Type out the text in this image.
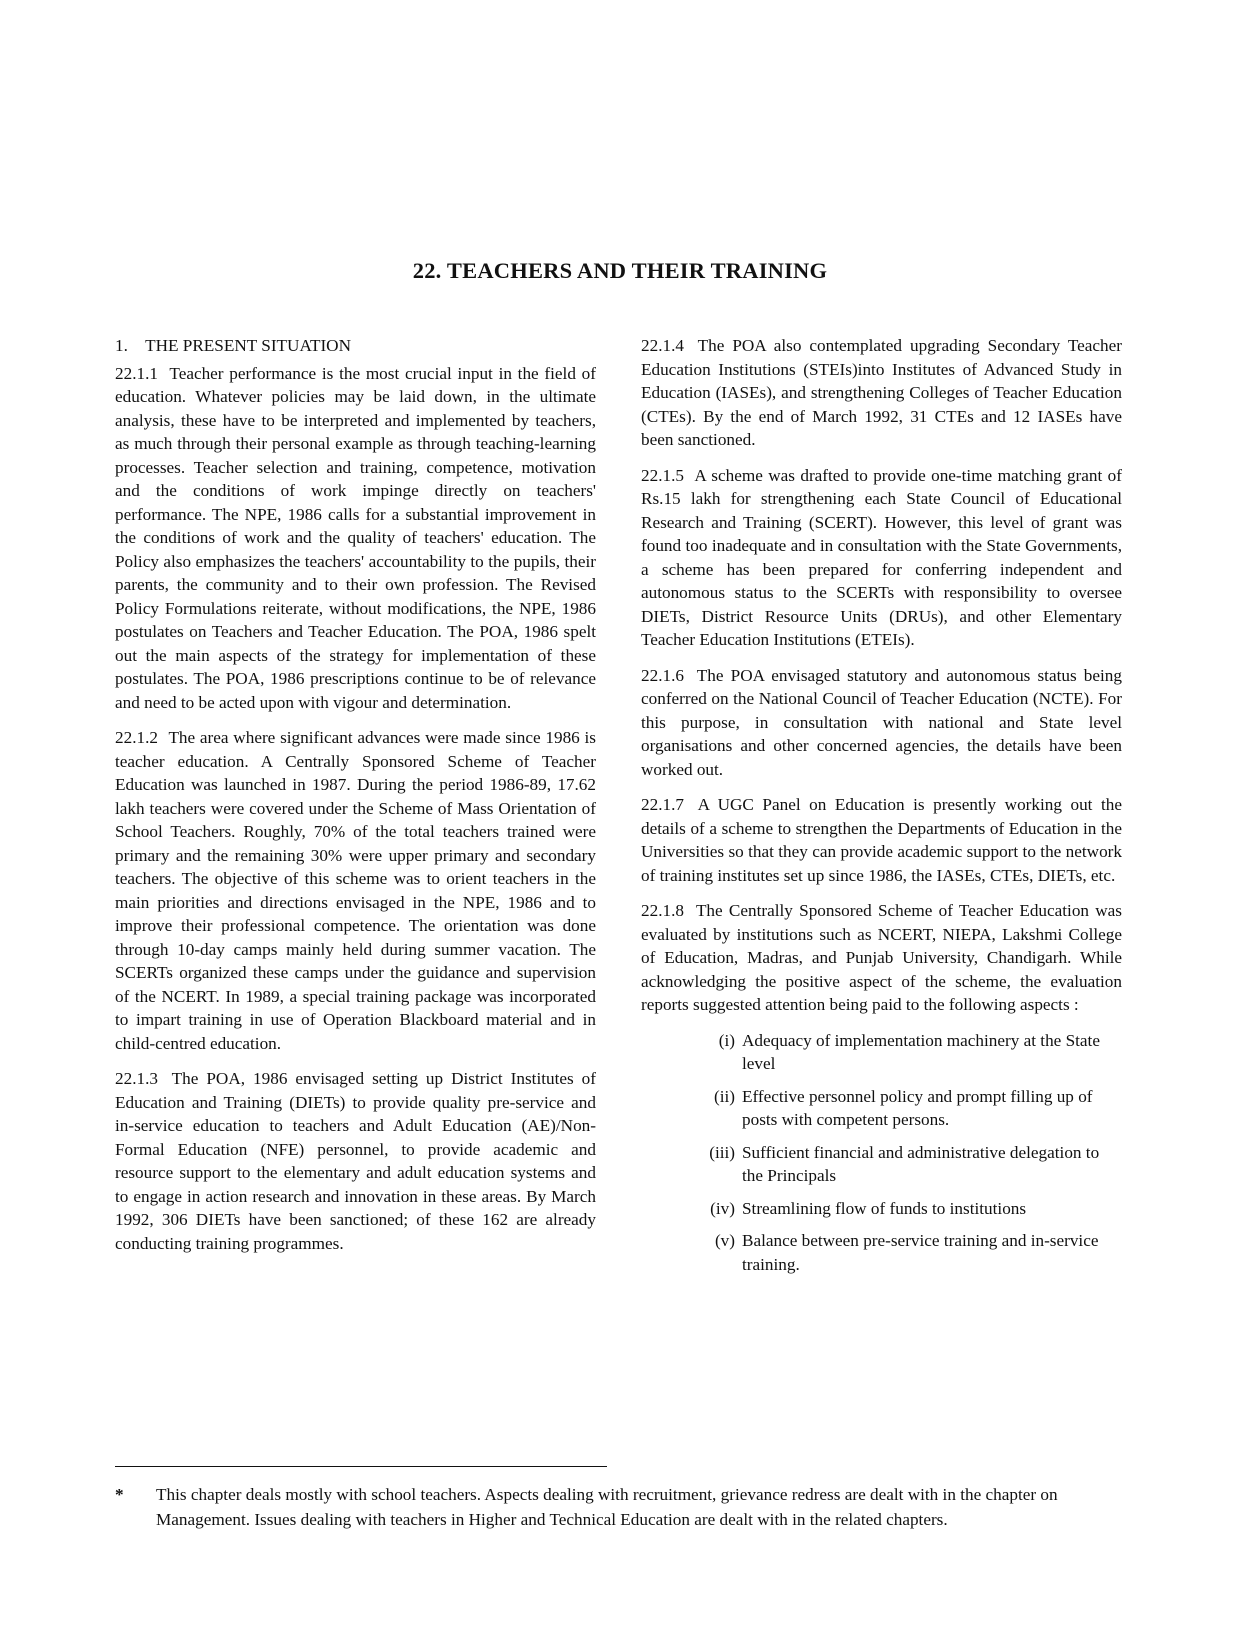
22. TEACHERS AND THEIR TRAINING
1. THE PRESENT SITUATION

22.1.1 Teacher performance is the most crucial input in the field of education. Whatever policies may be laid down, in the ultimate analysis, these have to be interpreted and implemented by teachers, as much through their personal example as through teaching-learning processes. Teacher selection and training, competence, motivation and the conditions of work impinge directly on teachers' performance. The NPE, 1986 calls for a substantial improvement in the conditions of work and the quality of teachers' education. The Policy also emphasizes the teachers' accountability to the pupils, their parents, the community and to their own profession. The Revised Policy Formulations reiterate, without modifications, the NPE, 1986 postulates on Teachers and Teacher Education. The POA, 1986 spelt out the main aspects of the strategy for implementation of these postulates. The POA, 1986 prescriptions continue to be of relevance and need to be acted upon with vigour and determination.

22.1.2 The area where significant advances were made since 1986 is teacher education. A Centrally Sponsored Scheme of Teacher Education was launched in 1987. During the period 1986-89, 17.62 lakh teachers were covered under the Scheme of Mass Orientation of School Teachers. Roughly, 70% of the total teachers trained were primary and the remaining 30% were upper primary and secondary teachers. The objective of this scheme was to orient teachers in the main priorities and directions envisaged in the NPE, 1986 and to improve their professional competence. The orientation was done through 10-day camps mainly held during summer vacation. The SCERTs organized these camps under the guidance and supervision of the NCERT. In 1989, a special training package was incorporated to impart training in use of Operation Blackboard material and in child-centred education.

22.1.3 The POA, 1986 envisaged setting up District Institutes of Education and Training (DIETs) to provide quality pre-service and in-service education to teachers and Adult Education (AE)/Non- Formal Education (NFE) personnel, to provide academic and resource support to the elementary and adult education systems and to engage in action research and innovation in these areas. By March 1992, 306 DIETs have been sanctioned; of these 162 are already conducting training programmes.

22.1.4 The POA also contemplated upgrading Secondary Teacher Education Institutions (STEIs)into Institutes of Advanced Study in Education (IASEs), and strengthening Colleges of Teacher Education (CTEs). By the end of March 1992, 31 CTEs and 12 IASEs have been sanctioned.

22.1.5 A scheme was drafted to provide one-time matching grant of Rs.15 lakh for strengthening each State Council of Educational Research and Training (SCERT). However, this level of grant was found too inadequate and in consultation with the State Governments, a scheme has been prepared for conferring independent and autonomous status to the SCERTs with responsibility to oversee DIETs, District Resource Units (DRUs), and other Elementary Teacher Education Institutions (ETEIs).

22.1.6 The POA envisaged statutory and autonomous status being conferred on the National Council of Teacher Education (NCTE). For this purpose, in consultation with national and State level organisations and other concerned agencies, the details have been worked out.

22.1.7 A UGC Panel on Education is presently working out the details of a scheme to strengthen the Departments of Education in the Universities so that they can provide academic support to the network of training institutes set up since 1986, the IASEs, CTEs, DIETs, etc.

22.1.8 The Centrally Sponsored Scheme of Teacher Education was evaluated by institutions such as NCERT, NIEPA, Lakshmi College of Education, Madras, and Punjab University, Chandigarh. While acknowledging the positive aspect of the scheme, the evaluation reports suggested attention being paid to the following aspects :

(i) Adequacy of implementation machinery at the State level
(ii) Effective personnel policy and prompt filling up of posts with competent persons.
(iii) Sufficient financial and administrative delegation to the Principals
(iv) Streamlining flow of funds to institutions
(v) Balance between pre-service training and in-service training.
*	This chapter deals mostly with school teachers. Aspects dealing with recruitment, grievance redress are dealt with in the chapter on Management. Issues dealing with teachers in Higher and Technical Education are dealt with in the related chapters.
